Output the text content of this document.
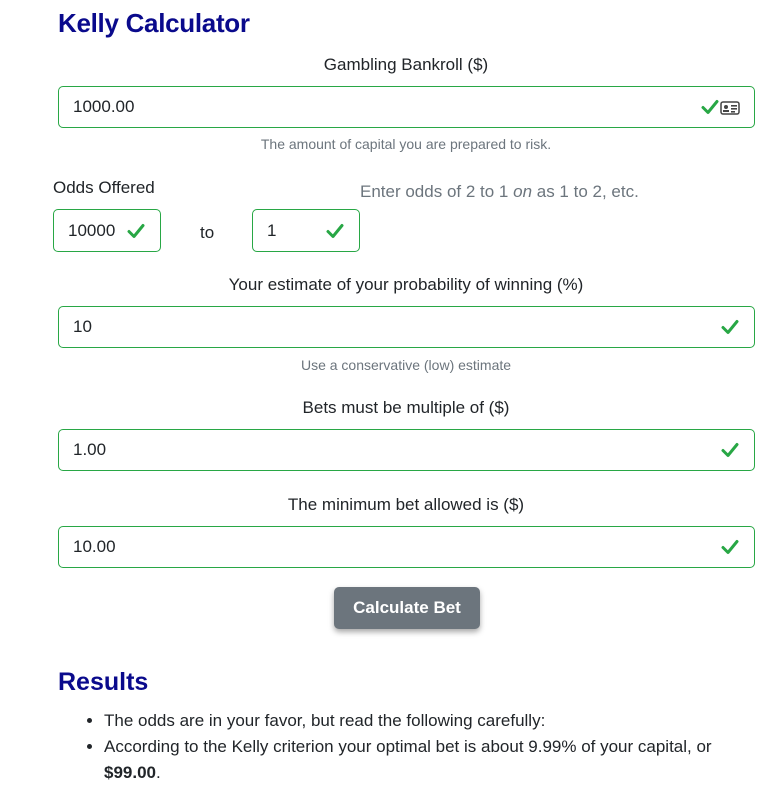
Kelly Calculator
Gambling Bankroll ($)
1000.00
The amount of capital you are prepared to risk.
Odds Offered	Enter odds of 2 to 1 on as 1 to 2, etc.
10000	to	1
Your estimate of your probability of winning (%)
10
Use a conservative (low) estimate
Bets must be multiple of ($)
1.00
The minimum bet allowed is ($)
10.00
Calculate Bet
Results
• The odds are in your favor, but read the following carefully:
• According to the Kelly criterion your optimal bet is about 9.99% of your capital, or $99.00.
